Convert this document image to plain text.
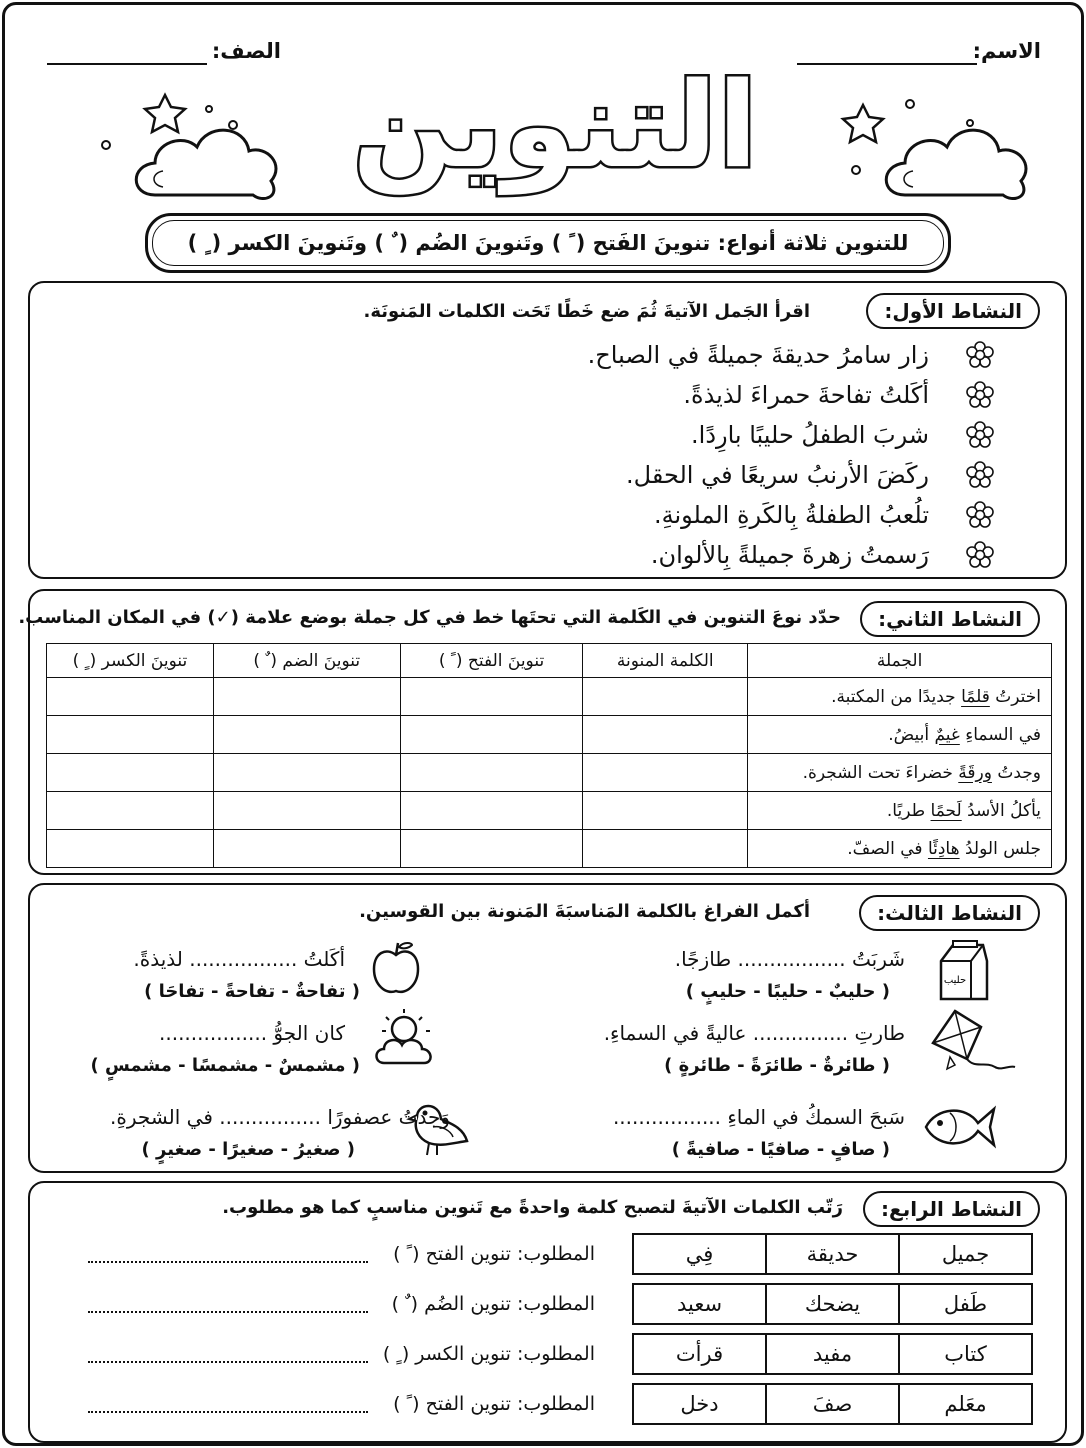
الاسم:
الصف:
التنوين
للتنوين ثلاثة أنواع: تنوينَ الفَتح ( ً ) وتَنوينَ الضُم ( ٌ ) وتَنوينَ الكسر ( ٍ )
النشاط الأول:
اقرأ الجَمل الآتيةَ ثُمَ ضع خَطًا تَحَت الكلمات المَنونَة.
زار سامرُ حديقةَ جميلةً في الصباح.
أكَلتُ تفاحةَ حمراءَ لذيذةً.
شربَ الطفلُ حليبًا بارِدًا.
ركَضَ الأرنبُ سريعًا في الحقل.
تلُعبُ الطفلةُ بِالكَرةِ الملونةِ.
رَسمتُ زهرةَ جميلةً بِالألوان.
النشاط الثاني:
حدّد نوعَ التنوين في الكَلمة التي تحتَها خط في كل جملة بوضع علامة (✓) في المكان المناسب.
الجملة	الكلمة المنونة	تنوينَ الفتح ( ً )	تنوينَ الضم ( ٌ )	تنوينَ الكسر ( ٍ )
اخترتُ قلمًا جديدًا من المكتبة.				
في السماءِ غيمٌ أبيضُ.				
وجدتُ ورقَةً خضراءَ تحت الشجرة.				
يأكلُ الأسدُ لَحمًا طريًا.				
جلس الولدُ هادِئًا في الصفّ.				
النشاط الثالث:
أكمل الفراغ بالكلمة المَناسبَةَ المَنونة بين القوسين.
حليب
شَربَتُ ................. طازجًا.
( حليبٌ - حليبًا - حليبٍ )
أكَلتُ ................. لذيذةً.
( تفاحةٌ - تفاحةً - تفاحَا )
طارتِ ............... عاليةً في السماءِ.
( طائرةٌ - طائرَةً - طائرةٍ )
كان الجوُّ .................
( مشمسٌ - مشمسًا - مشمسٍ )
سَبحَ السمكُ في الماءِ .................
( صافٍ - صافيًا - صافيةً )
وَجدتُ عصفورًا ................ في الشجرةِ.
( صغيرُ - صغيرًا - صغيرٍ )
النشاط الرابع:
رَتّب الكلمات الآتيةَ لتصبح كلمة واحدةً مع تَنوين مناسبٍ كما هو مطلوب.
جميل	حديقة	فِي
المطلوب: تنوين الفتح ( ً )
طَفل	يضحك	سعيد
المطلوب: تنوين الضُم ( ٌ )
كتاب	مفيد	قرأت
المطلوب: تنوين الكسر ( ٍ )
معَلم	صفَ	دخل
المطلوب: تنوين الفتح ( ً )
